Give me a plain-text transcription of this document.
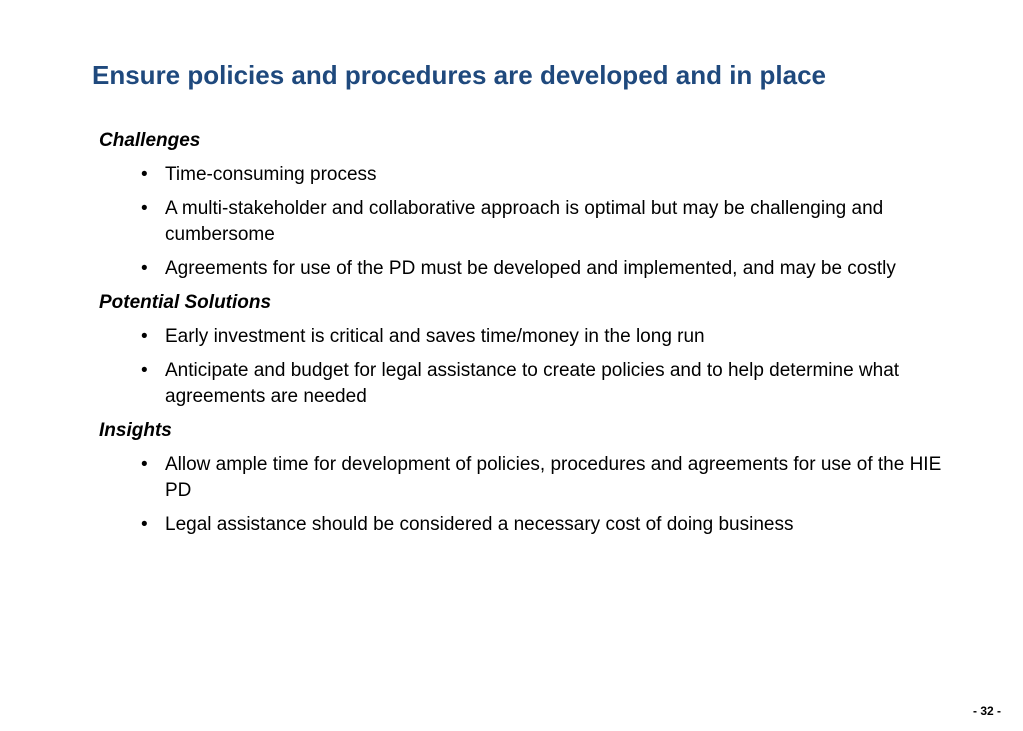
Ensure policies and procedures are developed and in place

Challenges

• Time-consuming process
• A multi-stakeholder and collaborative approach is optimal but may be challenging and cumbersome
• Agreements for use of the PD must be developed and implemented, and may be costly

Potential Solutions

• Early investment is critical and saves time/money in the long run
• Anticipate and budget for legal assistance to create policies and to help determine what agreements are needed

Insights

• Allow ample time for development of policies, procedures and agreements for use of the HIE PD
• Legal assistance should be considered a necessary cost of doing business
- 32 -
